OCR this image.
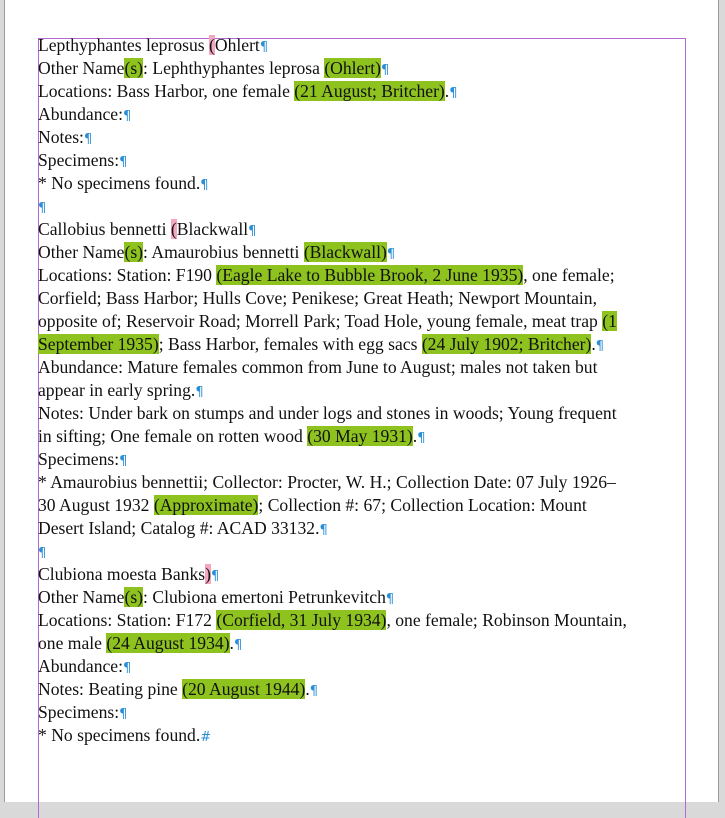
Lepthyphantes leprosus (Ohlert¶
Other Name(s): Lephthyphantes leprosa (Ohlert)¶
Locations: Bass Harbor, one female (21 August; Britcher).¶
Abundance:¶
Notes:¶
Specimens:¶
* No specimens found.¶
¶
Callobius bennetti (Blackwall¶
Other Name(s): Amaurobius bennetti (Blackwall)¶
Locations: Station: F190 (Eagle Lake to Bubble Brook, 2 June 1935), one female;
Corfield; Bass Harbor; Hulls Cove; Penikese; Great Heath; Newport Mountain,
opposite of; Reservoir Road; Morrell Park; Toad Hole, young female, meat trap (1
September 1935); Bass Harbor, females with egg sacs (24 July 1902; Britcher).¶
Abundance: Mature females common from June to August; males not taken but
appear in early spring.¶
Notes: Under bark on stumps and under logs and stones in woods; Young frequent
in sifting; One female on rotten wood (30 May 1931).¶
Specimens:¶
* Amaurobius bennettii; Collector: Procter, W. H.; Collection Date: 07 July 1926–
30 August 1932 (Approximate); Collection #: 67; Collection Location: Mount
Desert Island; Catalog #: ACAD 33132.¶
¶
Clubiona moesta Banks)¶
Other Name(s): Clubiona emertoni Petrunkevitch¶
Locations: Station: F172 (Corfield, 31 July 1934), one female; Robinson Mountain,
one male (24 August 1934).¶
Abundance:¶
Notes: Beating pine (20 August 1944).¶
Specimens:¶
* No specimens found.#
